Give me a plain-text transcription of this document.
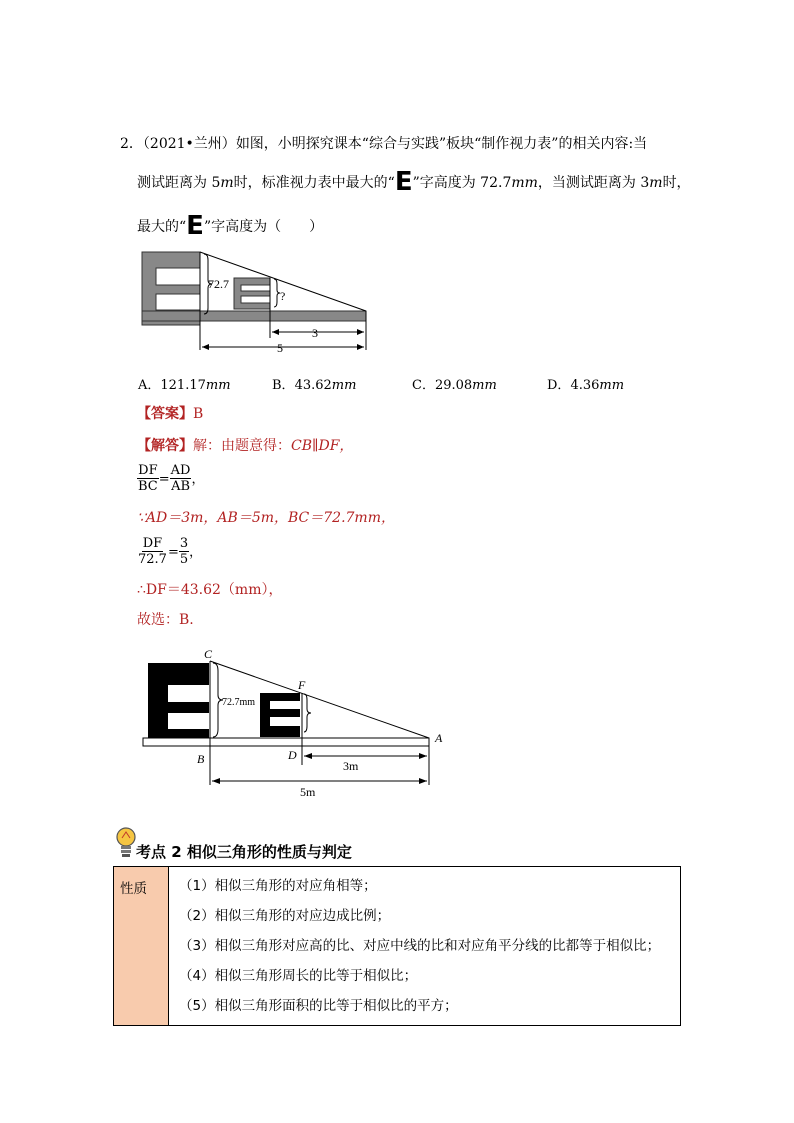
2．（2021•兰州）如图，小明探究课本“综合与实践”板块“制作视力表”的相关内容:当
测试距离为 5m时，标准视力表中最大的“E”字高度为 72.7mm，当测试距离为 3m时，
最大的“E”字高度为（　　）
72.7
?
3
5
A．121.17mm	B．43.62mm	C．29.08mm	D．4.36mm
【答案】B
【解答】解：由题意得：CB∥DF，
$\frac{DF}{BC} = \frac{AD}{AB}$ ，
∵AD＝3m，AB＝5m，BC＝72.7mm，
$\frac{DF}{72.7} = \frac{3}{5}$ ，
∴DF＝43.62（mm），
故选：B.
C
F
B	D
A
72.7mm
3m
5m
考点 2 相似三角形的性质与判定
性质	（1）相似三角形的对应角相等；
（2）相似三角形的对应边成比例；
（3）相似三角形对应高的比、对应中线的比和对应角平分线的比都等于相似比；
（4）相似三角形周长的比等于相似比；
（5）相似三角形面积的比等于相似比的平方；
